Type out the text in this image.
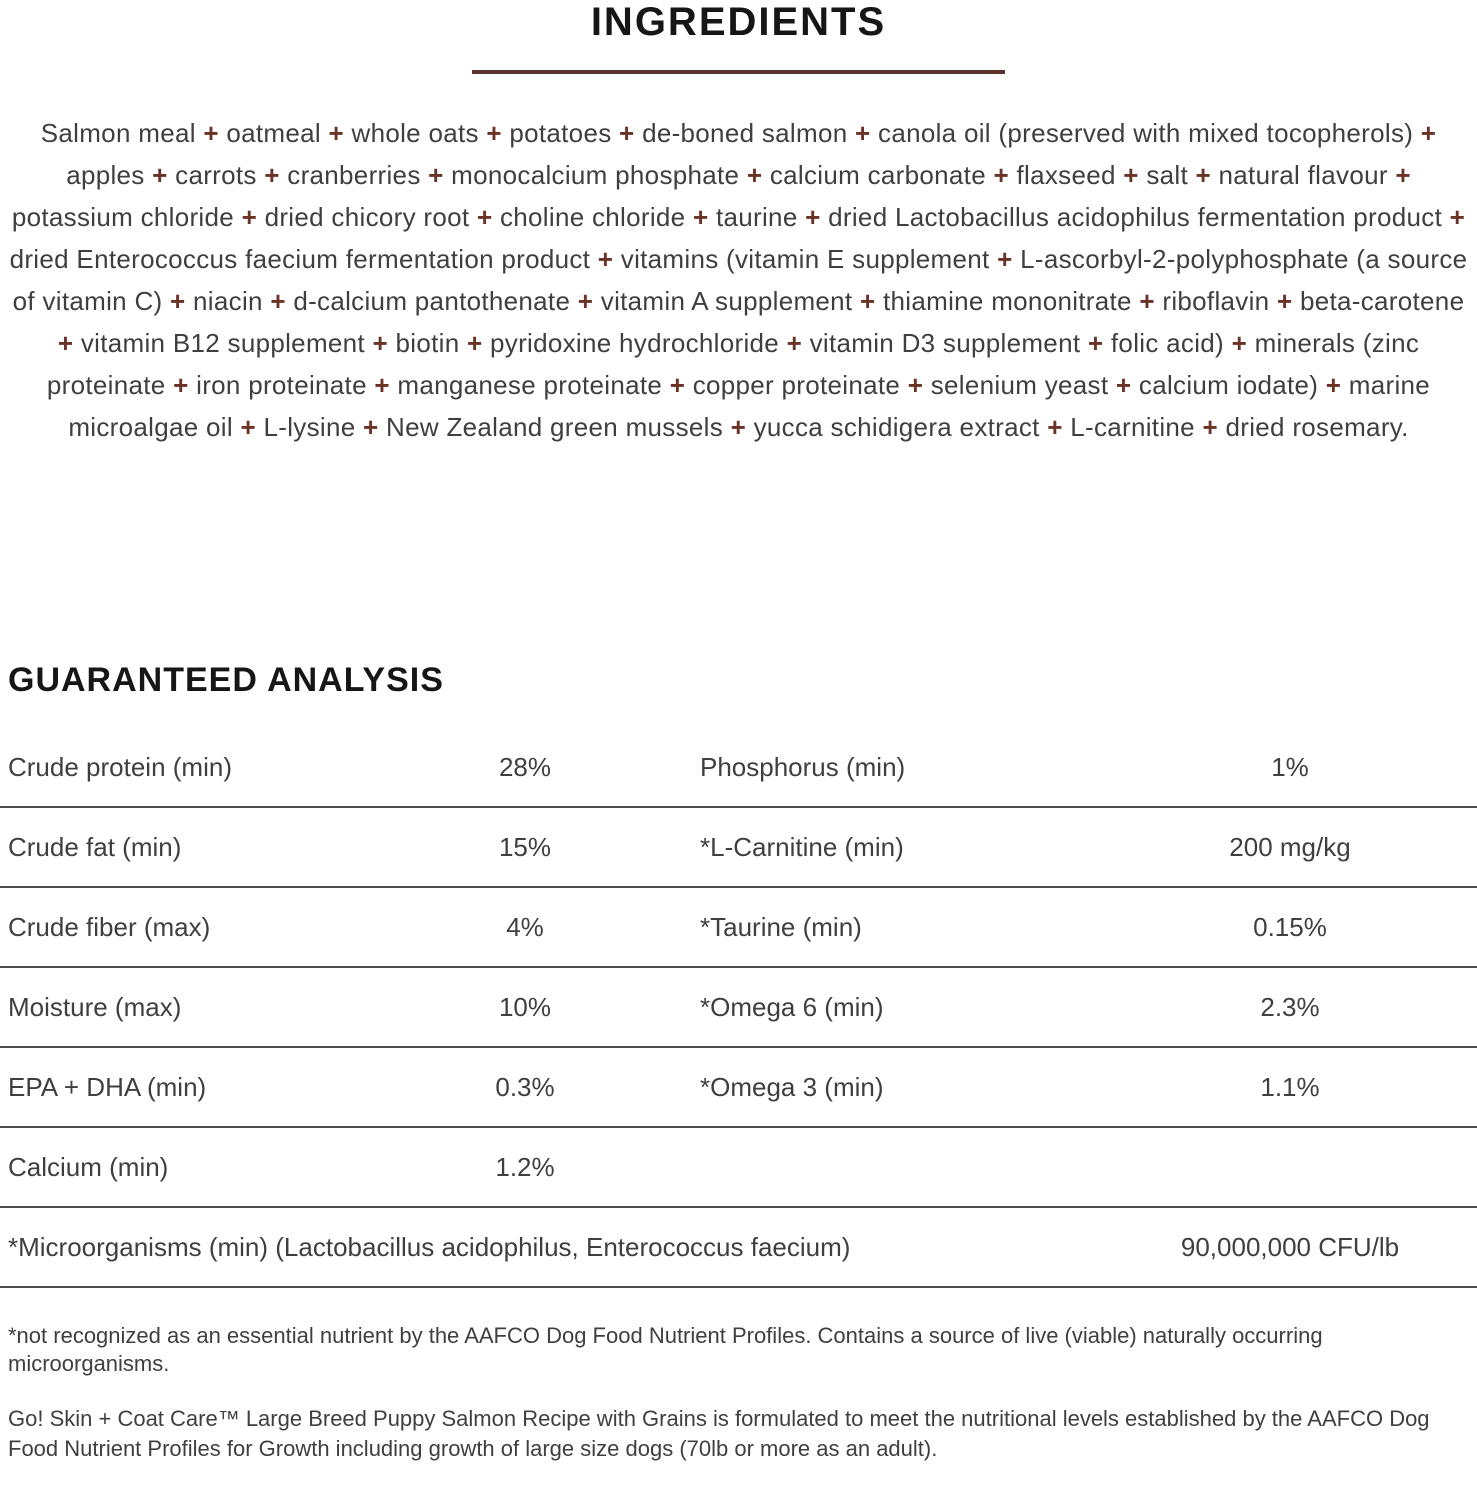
INGREDIENTS

Salmon meal + oatmeal + whole oats + potatoes + de-boned salmon + canola oil (preserved with mixed tocopherols) + apples + carrots + cranberries + monocalcium phosphate + calcium carbonate + flaxseed + salt + natural flavour + potassium chloride + dried chicory root + choline chloride + taurine + dried Lactobacillus acidophilus fermentation product + dried Enterococcus faecium fermentation product + vitamins (vitamin E supplement + L-ascorbyl-2-polyphosphate (a source of vitamin C) + niacin + d-calcium pantothenate + vitamin A supplement + thiamine mononitrate + riboflavin + beta-carotene + vitamin B12 supplement + biotin + pyridoxine hydrochloride + vitamin D3 supplement + folic acid) + minerals (zinc proteinate + iron proteinate + manganese proteinate + copper proteinate + selenium yeast + calcium iodate) + marine microalgae oil + L-lysine + New Zealand green mussels + yucca schidigera extract + L-carnitine + dried rosemary.

GUARANTEED ANALYSIS
Crude protein (min)	28%	Phosphorus (min)	1%
Crude fat (min)	15%	*L-Carnitine (min)	200 mg/kg
Crude fiber (max)	4%	*Taurine (min)	0.15%
Moisture (max)	10%	*Omega 6 (min)	2.3%
EPA + DHA (min)	0.3%	*Omega 3 (min)	1.1%
Calcium (min)	1.2%
*Microorganisms (min) (Lactobacillus acidophilus, Enterococcus faecium)	90,000,000 CFU/lb

*not recognized as an essential nutrient by the AAFCO Dog Food Nutrient Profiles. Contains a source of live (viable) naturally occurring microorganisms.

Go! Skin + Coat Care™ Large Breed Puppy Salmon Recipe with Grains is formulated to meet the nutritional levels established by the AAFCO Dog Food Nutrient Profiles for Growth including growth of large size dogs (70lb or more as an adult).
